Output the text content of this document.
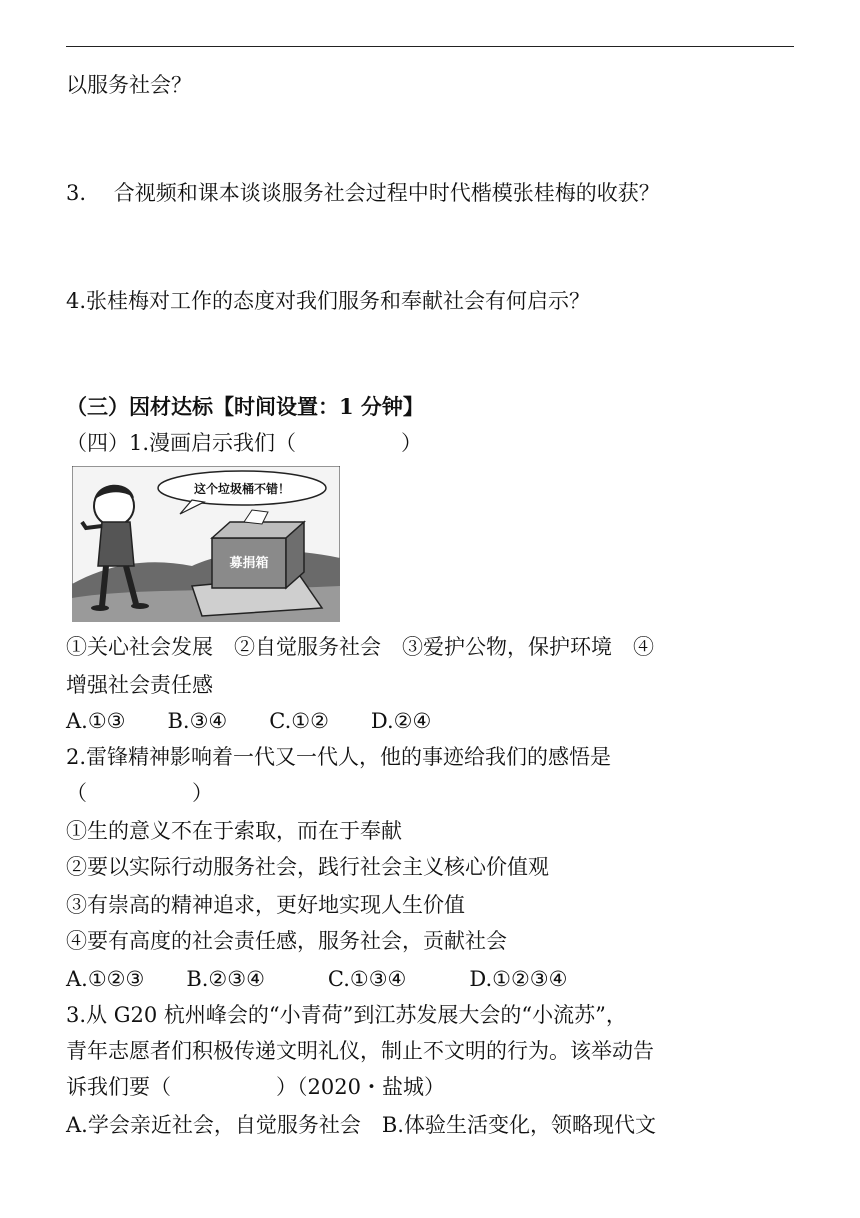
以服务社会？
3.　 合视频和课本谈谈服务社会过程中时代楷模张桂梅的收获？
4.张桂梅对工作的态度对我们服务和奉献社会有何启示？
（三）因材达标【时间设置：1 分钟】
（四）1.漫画启示我们（　　　　　）
这个垃圾桶不错！
募捐箱
①关心社会发展　②自觉服务社会　③爱护公物，保护环境　④
增强社会责任感
A.①③　　B.③④　　C.①②　　D.②④
2.雷锋精神影响着一代又一代人，他的事迹给我们的感悟是
（　　　　　）
①生的意义不在于索取，而在于奉献
②要以实际行动服务社会，践行社会主义核心价值观
③有崇高的精神追求，更好地实现人生价值
④要有高度的社会责任感，服务社会，贡献社会
A.①②③　　B.②③④　　　C.①③④　　　D.①②③④
3.从 G20 杭州峰会的“小青荷”到江苏发展大会的“小流苏”，
青年志愿者们积极传递文明礼仪，制止不文明的行为。该举动告
诉我们要（　　　　　）（2020・盐城）
A.学会亲近社会，自觉服务社会　B.体验生活变化，领略现代文
